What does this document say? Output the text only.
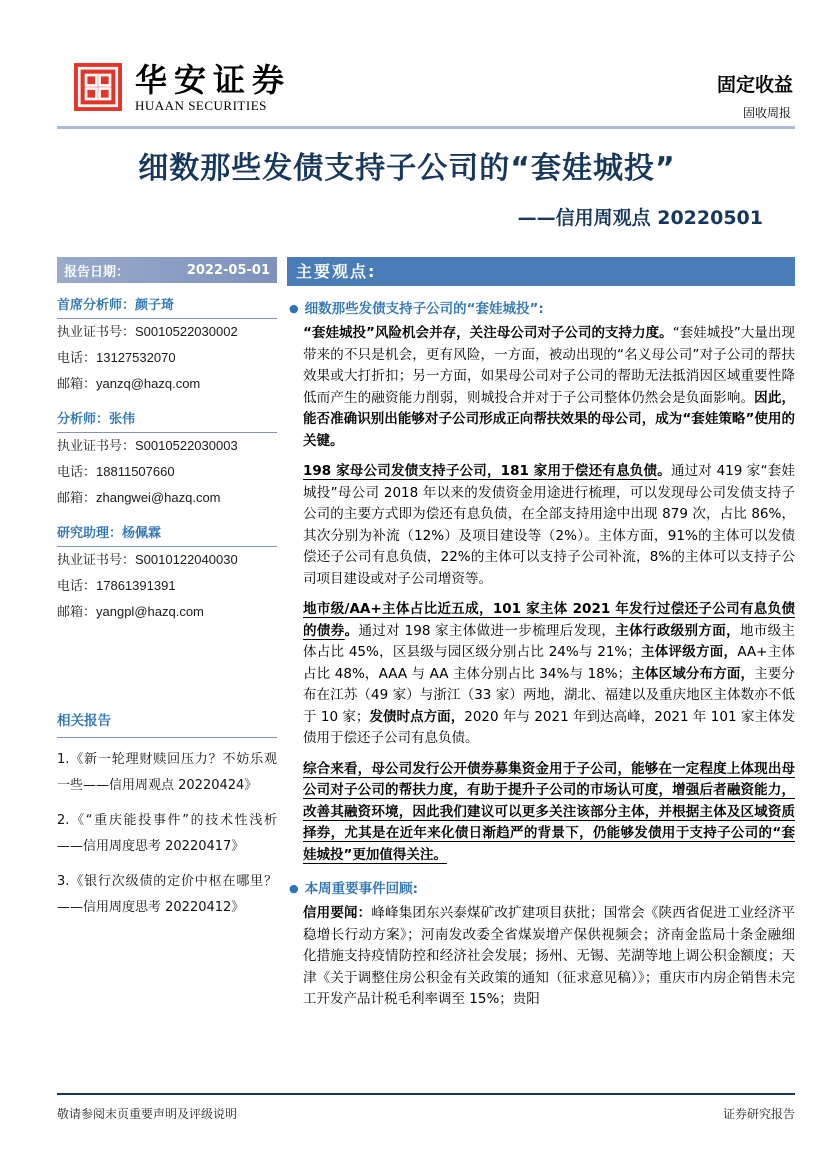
华安证券
HUAAN SECURITIES
固定收益
固收周报
细数那些发债支持子公司的“套娃城投”
——信用周观点 20220501
报告日期：	2022-05-01
首席分析师：颜子琦
执业证书号：S0010522030002
电话：13127532070
邮箱：yanzq@hazq.com
分析师：张伟
执业证书号：S0010522030003
电话：18811507660
邮箱：zhangwei@hazq.com
研究助理：杨佩霖
执业证书号：S0010122040030
电话：17861391391
邮箱：yangpl@hazq.com
相关报告
1.《新一轮理财赎回压力？不妨乐观一些——信用周观点 20220424》
2.《“重庆能投事件”的技术性浅析——信用周度思考 20220417》
3.《银行次级债的定价中枢在哪里？——信用周度思考 20220412》
主要观点:
● 细数那些发债支持子公司的“套娃城投”:

“套娃城投”风险机会并存，关注母公司对子公司的支持力度。“套娃城投”大量出现带来的不只是机会，更有风险，一方面，被动出现的“名义母公司”对子公司的帮扶效果或大打折扣；另一方面，如果母公司对子公司的帮助无法抵消因区域重要性降低而产生的融资能力削弱，则城投合并对于子公司整体仍然会是负面影响。因此，能否准确识别出能够对子公司形成正向帮扶效果的母公司，成为“套娃策略”使用的关键。

198 家母公司发债支持子公司，181 家用于偿还有息负债。通过对 419 家“套娃城投”母公司 2018 年以来的发债资金用途进行梳理，可以发现母公司发债支持子公司的主要方式即为偿还有息负债，在全部支持用途中出现 879 次，占比 86%，其次分别为补流（12%）及项目建设等（2%）。主体方面，91%的主体可以发债偿还子公司有息负债，22%的主体可以支持子公司补流，8%的主体可以支持子公司项目建设或对子公司增资等。

地市级/AA+主体占比近五成，101 家主体 2021 年发行过偿还子公司有息负债的债券。通过对 198 家主体做进一步梳理后发现，主体行政级别方面，地市级主体占比 45%，区县级与园区级分别占比 24%与 21%；主体评级方面，AA+主体占比 48%，AAA 与 AA 主体分别占比 34%与 18%；主体区域分布方面，主要分布在江苏（49 家）与浙江（33 家）两地，湖北、福建以及重庆地区主体数亦不低于 10 家；发债时点方面，2020 年与 2021 年到达高峰，2021 年 101 家主体发债用于偿还子公司有息负债。

综合来看，母公司发行公开债券募集资金用于子公司，能够在一定程度上体现出母公司对子公司的帮扶力度，有助于提升子公司的市场认可度，增强后者融资能力，改善其融资环境，因此我们建议可以更多关注该部分主体，并根据主体及区域资质择券，尤其是在近年来化债日渐趋严的背景下，仍能够发债用于支持子公司的“套娃城投”更加值得关注。

● 本周重要事件回顾:

信用要闻：峰峰集团东兴泰煤矿改扩建项目获批；国常会《陕西省促进工业经济平稳增长行动方案》；河南发改委全省煤炭增产保供视频会；济南金监局十条金融细化措施支持疫情防控和经济社会发展；扬州、无锡、芜湖等地上调公积金额度；天津《关于调整住房公积金有关政策的通知（征求意见稿）》；重庆市内房企销售未完工开发产品计税毛利率调至 15%；贵阳

敬请参阅末页重要声明及评级说明	证券研究报告
